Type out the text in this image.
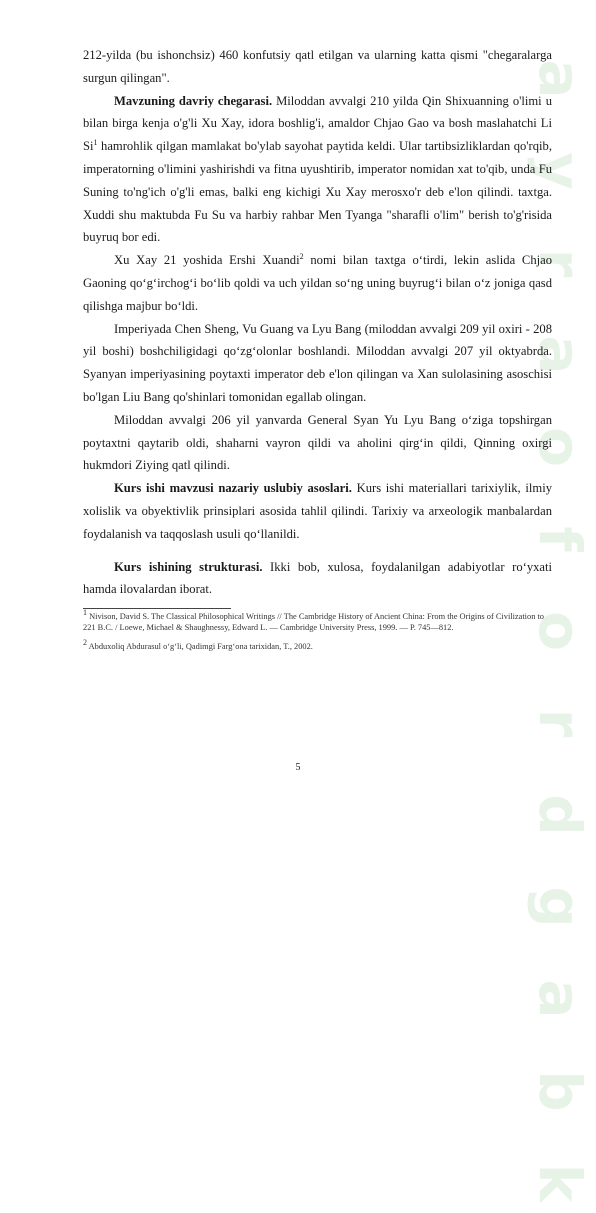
a
y
r
a
o
f
o
r
d
g
a
b
k

212-yilda (bu ishonchsiz) 460 konfutsiy qatl etilgan va ularning katta qismi "chegaralarga surgun qilingan".

Mavzuning davriy chegarasi. Miloddan avvalgi 210 yilda Qin Shixuanning o'limi u bilan birga kenja o'g'li Xu Xay, idora boshlig'i, amaldor Chjao Gao va bosh maslahatchi Li Si$^1$ hamrohlik qilgan mamlakat bo'ylab sayohat paytida keldi. Ular tartibsizliklardan qo'rqib, imperatorning o'limini yashirishdi va fitna uyushtirib, imperator nomidan xat to'qib, unda Fu Suning to'ng'ich o'g'li emas, balki eng kichigi Xu Xay merosxo'r deb e'lon qilindi. taxtga. Xuddi shu maktubda Fu Su va harbiy rahbar Men Tyanga "sharafli o'lim" berish to'g'risida buyruq bor edi.

Xu Xay 21 yoshida Ershi Xuandi$^2$ nomi bilan taxtga o‘tirdi, lekin aslida Chjao Gaoning qo‘g‘irchog‘i bo‘lib qoldi va uch yildan so‘ng uning buyrug‘i bilan o‘z joniga qasd qilishga majbur bo‘ldi.

Imperiyada Chen Sheng, Vu Guang va Lyu Bang (miloddan avvalgi 209 yil oxiri - 208 yil boshi) boshchiligidagi qo‘zg‘olonlar boshlandi. Miloddan avvalgi 207 yil oktyabrda. Syanyan imperiyasining poytaxti imperator deb e'lon qilingan va Xan sulolasining asoschisi bo'lgan Liu Bang qo'shinlari tomonidan egallab olingan.

Miloddan avvalgi 206 yil yanvarda General Syan Yu Lyu Bang o‘ziga topshirgan poytaxtni qaytarib oldi, shaharni vayron qildi va aholini qirg‘in qildi, Qinning oxirgi hukmdori Ziying qatl qilindi.

Kurs ishi mavzusi nazariy uslubiy asoslari. Kurs ishi materiallari tarixiylik, ilmiy xolislik va obyektivlik prinsiplari asosida tahlil qilindi. Tarixiy va arxeologik manbalardan foydalanish va taqqoslash usuli qo‘llanildi.

Kurs ishining strukturasi. Ikki bob, xulosa, foydalanilgan adabiyotlar ro‘yxati hamda ilovalardan iborat.

$^1$ Nivison, David S. The Classical Philosophical Writings // The Cambridge History of Ancient China: From the Origins of Civilization to 221 B.C. / Loewe, Michael & Shaughnessy, Edward L. — Cambridge University Press, 1999. — P. 745—812.

$^2$ Abduxoliq Abdurasul o‘g‘li, Qadimgi Farg‘ona tarixidan, T., 2002.

5
